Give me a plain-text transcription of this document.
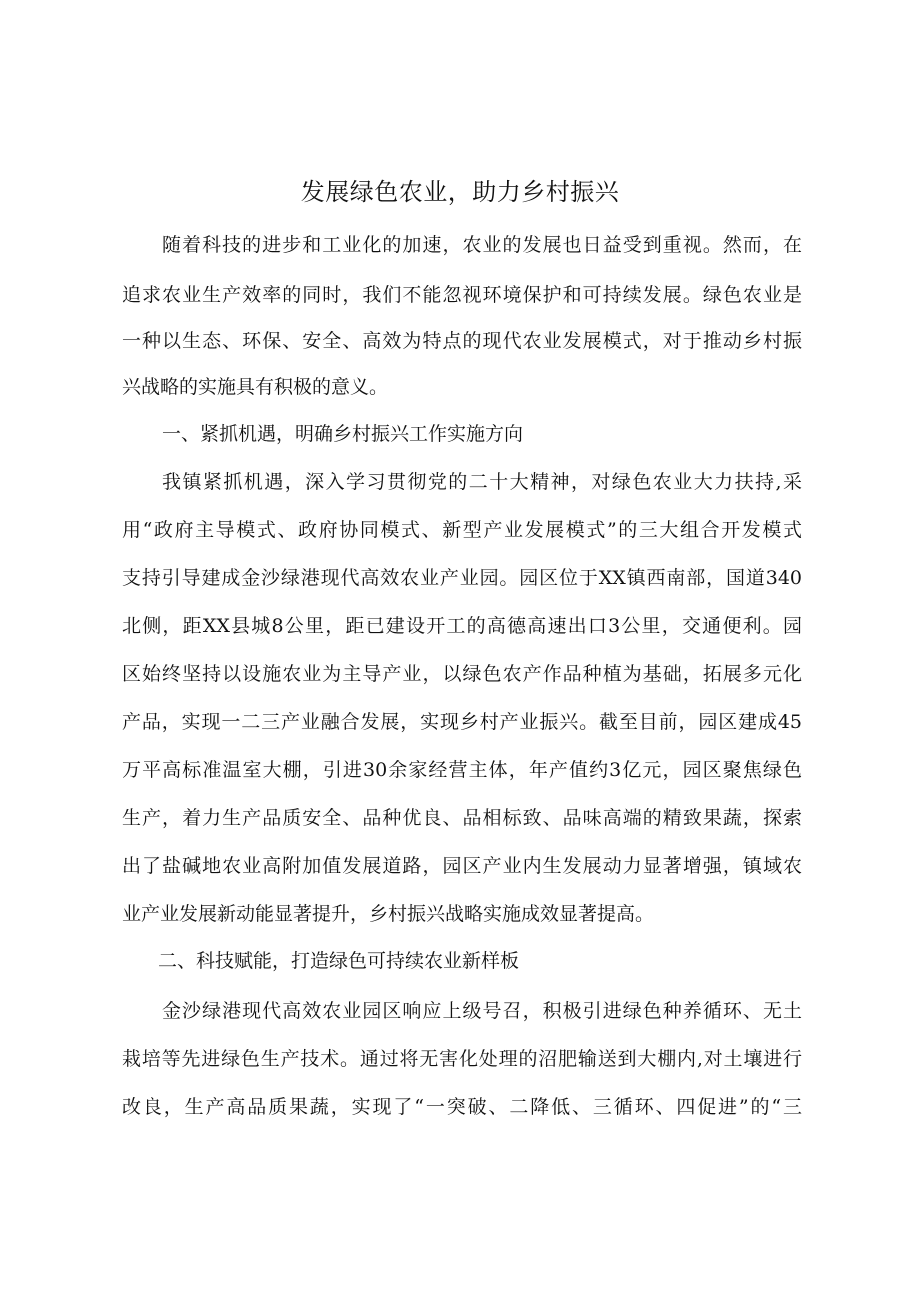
发展绿色农业，助力乡村振兴

随着科技的进步和工业化的加速，农业的发展也日益受到重视。然而，在

追求农业生产效率的同时，我们不能忽视环境保护和可持续发展。绿色农业是

一种以生态、环保、安全、高效为特点的现代农业发展模式，对于推动乡村振

兴战略的实施具有积极的意义。

一、紧抓机遇，明确乡村振兴工作实施方向

我镇紧抓机遇，深入学习贯彻党的二十大精神，对绿色农业大力扶持,采

用“政府主导模式、政府协同模式、新型产业发展模式”的三大组合开发模式

支持引导建成金沙绿港现代高效农业产业园。园区位于XX镇西南部，国道340

北侧，距XX县城8公里，距已建设开工的高德高速出口3公里，交通便利。园

区始终坚持以设施农业为主导产业，以绿色农产作品种植为基础，拓展多元化

产品，实现一二三产业融合发展，实现乡村产业振兴。截至目前，园区建成45

万平高标准温室大棚，引进30余家经营主体，年产值约3亿元，园区聚焦绿色

生产，着力生产品质安全、品种优良、品相标致、品味高端的精致果蔬，探索

出了盐碱地农业高附加值发展道路，园区产业内生发展动力显著增强，镇域农

业产业发展新动能显著提升，乡村振兴战略实施成效显著提高。

二、科技赋能，打造绿色可持续农业新样板

金沙绿港现代高效农业园区响应上级号召，积极引进绿色种养循环、无土

栽培等先进绿色生产技术。通过将无害化处理的沼肥输送到大棚内,对土壤进行

改良，生产高品质果蔬，实现了“一突破、二降低、三循环、四促进”的“三
